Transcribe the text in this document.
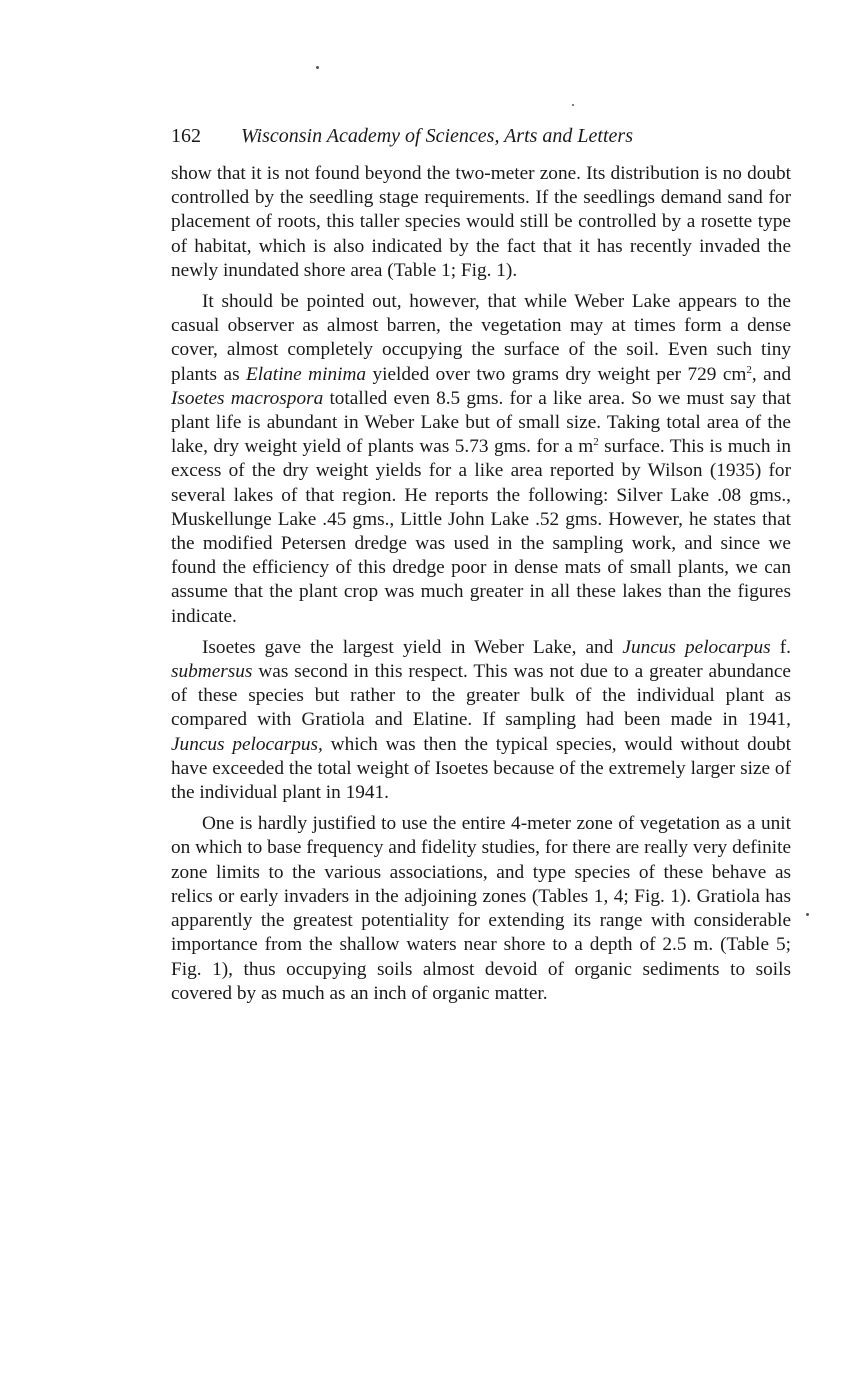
162 Wisconsin Academy of Sciences, Arts and Letters

show that it is not found beyond the two-meter zone. Its distribution is no doubt controlled by the seedling stage requirements. If the seedlings demand sand for placement of roots, this taller species would still be controlled by a rosette type of habitat, which is also indicated by the fact that it has recently invaded the newly inundated shore area (Table 1; Fig. 1).

It should be pointed out, however, that while Weber Lake appears to the casual observer as almost barren, the vegetation may at times form a dense cover, almost completely occupying the surface of the soil. Even such tiny plants as Elatine minima yielded over two grams dry weight per 729 $cm^2$, and Isoetes macrospora totalled even 8.5 gms. for a like area. So we must say that plant life is abundant in Weber Lake but of small size. Taking total area of the lake, dry weight yield of plants was 5.73 gms. for a $m^2$ surface. This is much in excess of the dry weight yields for a like area reported by Wilson (1935) for several lakes of that region. He reports the following: Silver Lake .08 gms., Muskellunge Lake .45 gms., Little John Lake .52 gms. However, he states that the modified Petersen dredge was used in the sampling work, and since we found the efficiency of this dredge poor in dense mats of small plants, we can assume that the plant crop was much greater in all these lakes than the figures indicate.

Isoetes gave the largest yield in Weber Lake, and Juncus pelocarpus f. submersus was second in this respect. This was not due to a greater abundance of these species but rather to the greater bulk of the individual plant as compared with Gratiola and Elatine. If sampling had been made in 1941, Juncus pelocarpus, which was then the typical species, would without doubt have exceeded the total weight of Isoetes because of the extremely larger size of the individual plant in 1941.

One is hardly justified to use the entire 4-meter zone of vegetation as a unit on which to base frequency and fidelity studies, for there are really very definite zone limits to the various associations, and type species of these behave as relics or early invaders in the adjoining zones (Tables 1, 4; Fig. 1). Gratiola has apparently the greatest potentiality for extending its range with considerable importance from the shallow waters near shore to a depth of 2.5 m. (Table 5; Fig. 1), thus occupying soils almost devoid of organic sediments to soils covered by as much as an inch of organic matter.
